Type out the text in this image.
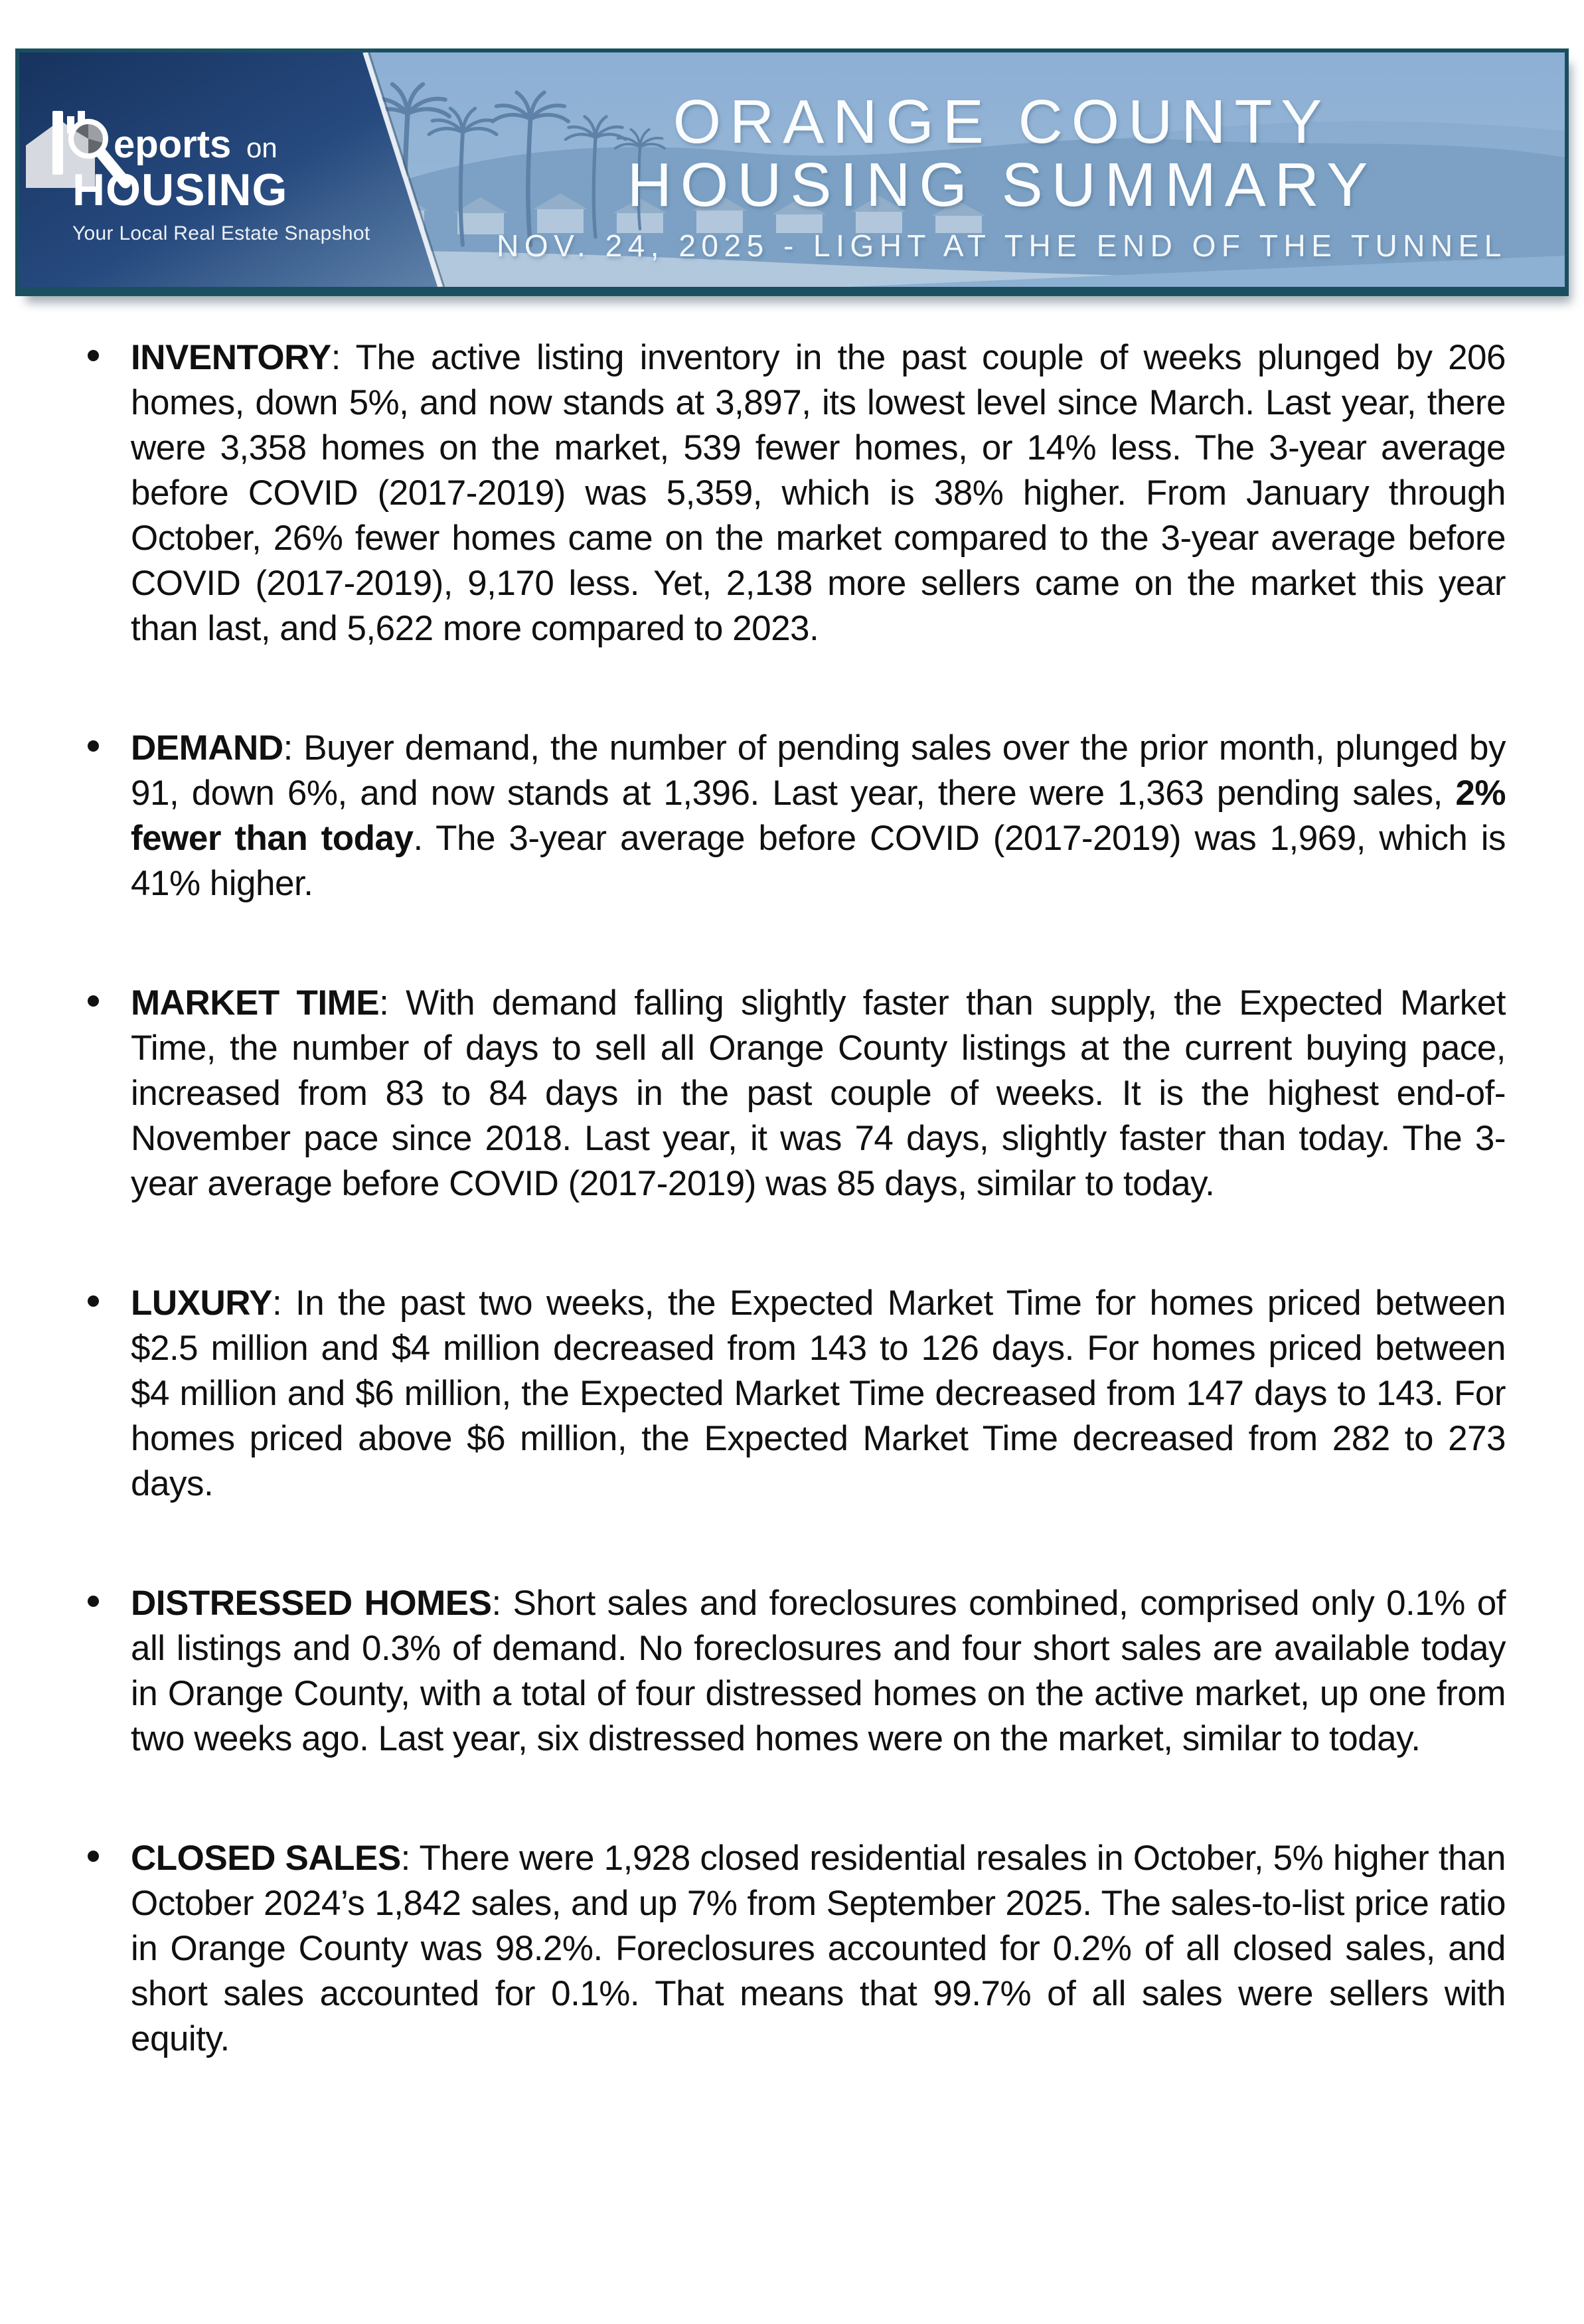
eports on
HOUSING
Your Local Real Estate Snapshot
ORANGE COUNTY
HOUSING SUMMARY
NOV. 24, 2025 - LIGHT AT THE END OF THE TUNNEL

INVENTORY: The active listing inventory in the past couple of weeks plunged by 206 homes, down 5%, and now stands at 3,897, its lowest level since March. Last year, there were 3,358 homes on the market, 539 fewer homes, or 14% less. The 3-year average before COVID (2017-2019) was 5,359, which is 38% higher. From January through October, 26% fewer homes came on the market compared to the 3-year average before COVID (2017-2019), 9,170 less. Yet, 2,138 more sellers came on the market this year than last, and 5,622 more compared to 2023.

DEMAND: Buyer demand, the number of pending sales over the prior month, plunged by 91, down 6%, and now stands at 1,396. Last year, there were 1,363 pending sales, 2% fewer than today. The 3-year average before COVID (2017-2019) was 1,969, which is 41% higher.

MARKET TIME: With demand falling slightly faster than supply, the Expected Market Time, the number of days to sell all Orange County listings at the current buying pace, increased from 83 to 84 days in the past couple of weeks. It is the highest end-of-November pace since 2018. Last year, it was 74 days, slightly faster than today. The 3-year average before COVID (2017-2019) was 85 days, similar to today.

LUXURY: In the past two weeks, the Expected Market Time for homes priced between $2.5 million and $4 million decreased from 143 to 126 days. For homes priced between $4 million and $6 million, the Expected Market Time decreased from 147 days to 143. For homes priced above $6 million, the Expected Market Time decreased from 282 to 273 days.

DISTRESSED HOMES: Short sales and foreclosures combined, comprised only 0.1% of all listings and 0.3% of demand. No foreclosures and four short sales are available today in Orange County, with a total of four distressed homes on the active market, up one from two weeks ago. Last year, six distressed homes were on the market, similar to today.

CLOSED SALES: There were 1,928 closed residential resales in October, 5% higher than October 2024’s 1,842 sales, and up 7% from September 2025. The sales-to-list price ratio in Orange County was 98.2%. Foreclosures accounted for 0.2% of all closed sales, and short sales accounted for 0.1%. That means that 99.7% of all sales were sellers with equity.
